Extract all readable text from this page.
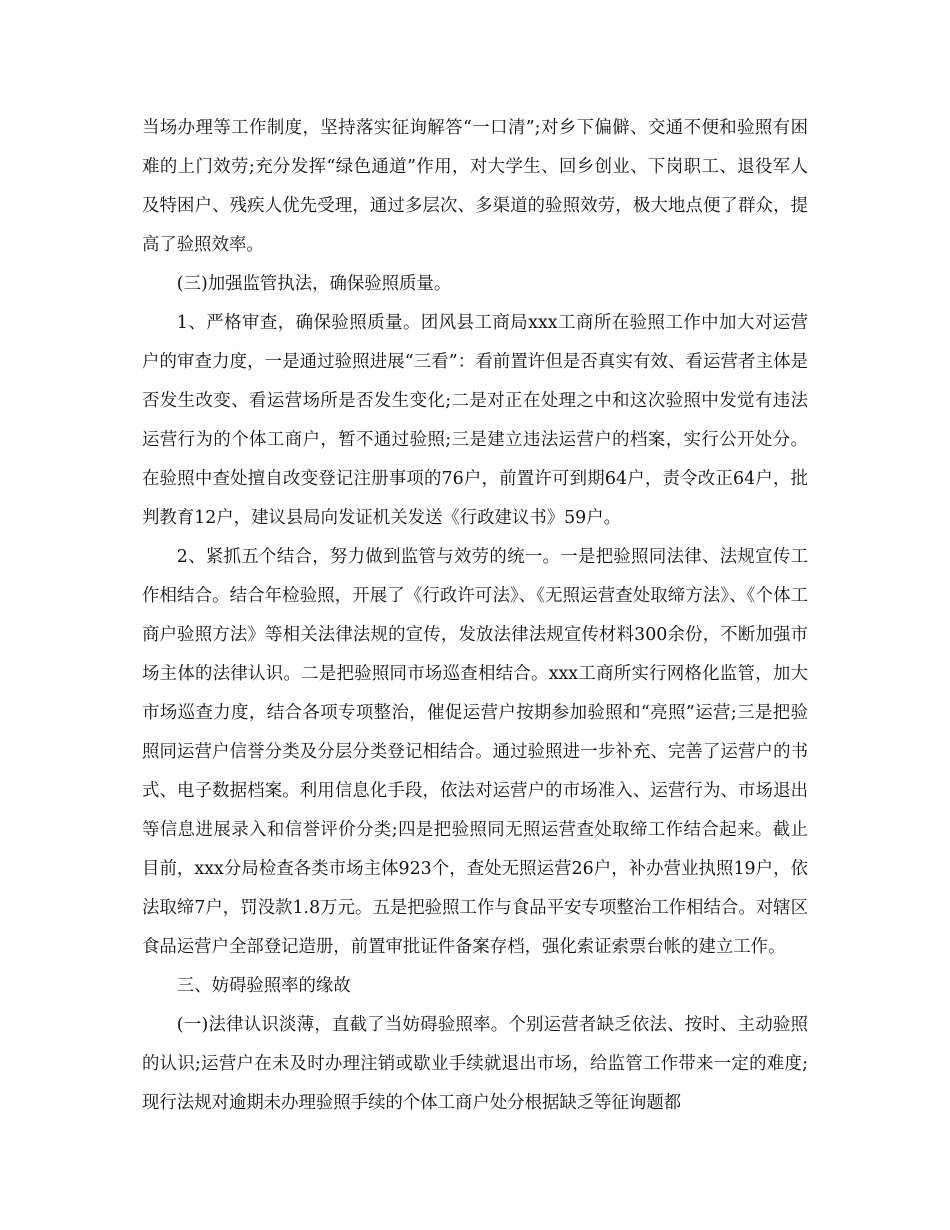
当场办理等工作制度，坚持落实征询解答“一口清”;对乡下偏僻、交通不便和验照有困难的上门效劳;充分发挥“绿色通道”作用，对大学生、回乡创业、下岗职工、退役军人及特困户、残疾人优先受理，通过多层次、多渠道的验照效劳，极大地点便了群众，提高了验照效率。

(三)加强监管执法，确保验照质量。

1、严格审查，确保验照质量。团风县工商局xxx工商所在验照工作中加大对运营户的审查力度，一是通过验照进展“三看”：看前置许但是否真实有效、看运营者主体是否发生改变、看运营场所是否发生变化;二是对正在处理之中和这次验照中发觉有违法运营行为的个体工商户，暂不通过验照;三是建立违法运营户的档案，实行公开处分。在验照中查处擅自改变登记注册事项的76户，前置许可到期64户，责令改正64户，批判教育12户，建议县局向发证机关发送《行政建议书》59户。

2、紧抓五个结合，努力做到监管与效劳的统一。一是把验照同法律、法规宣传工作相结合。结合年检验照，开展了《行政许可法》、《无照运营查处取缔方法》、《个体工商户验照方法》等相关法律法规的宣传，发放法律法规宣传材料300余份，不断加强市场主体的法律认识。二是把验照同市场巡查相结合。xxx工商所实行网格化监管，加大市场巡查力度，结合各项专项整治，催促运营户按期参加验照和“亮照”运营;三是把验照同运营户信誉分类及分层分类登记相结合。通过验照进一步补充、完善了运营户的书式、电子数据档案。利用信息化手段，依法对运营户的市场准入、运营行为、市场退出等信息进展录入和信誉评价分类;四是把验照同无照运营查处取缔工作结合起来。截止目前，xxx分局检查各类市场主体923个，查处无照运营26户，补办营业执照19户，依法取缔7户，罚没款1.8万元。五是把验照工作与食品平安专项整治工作相结合。对辖区食品运营户全部登记造册，前置审批证件备案存档，强化索证索票台帐的建立工作。

三、妨碍验照率的缘故

(一)法律认识淡薄，直截了当妨碍验照率。个别运营者缺乏依法、按时、主动验照的认识;运营户在未及时办理注销或歇业手续就退出市场，给监管工作带来一定的难度;现行法规对逾期未办理验照手续的个体工商户处分根据缺乏等征询题都
